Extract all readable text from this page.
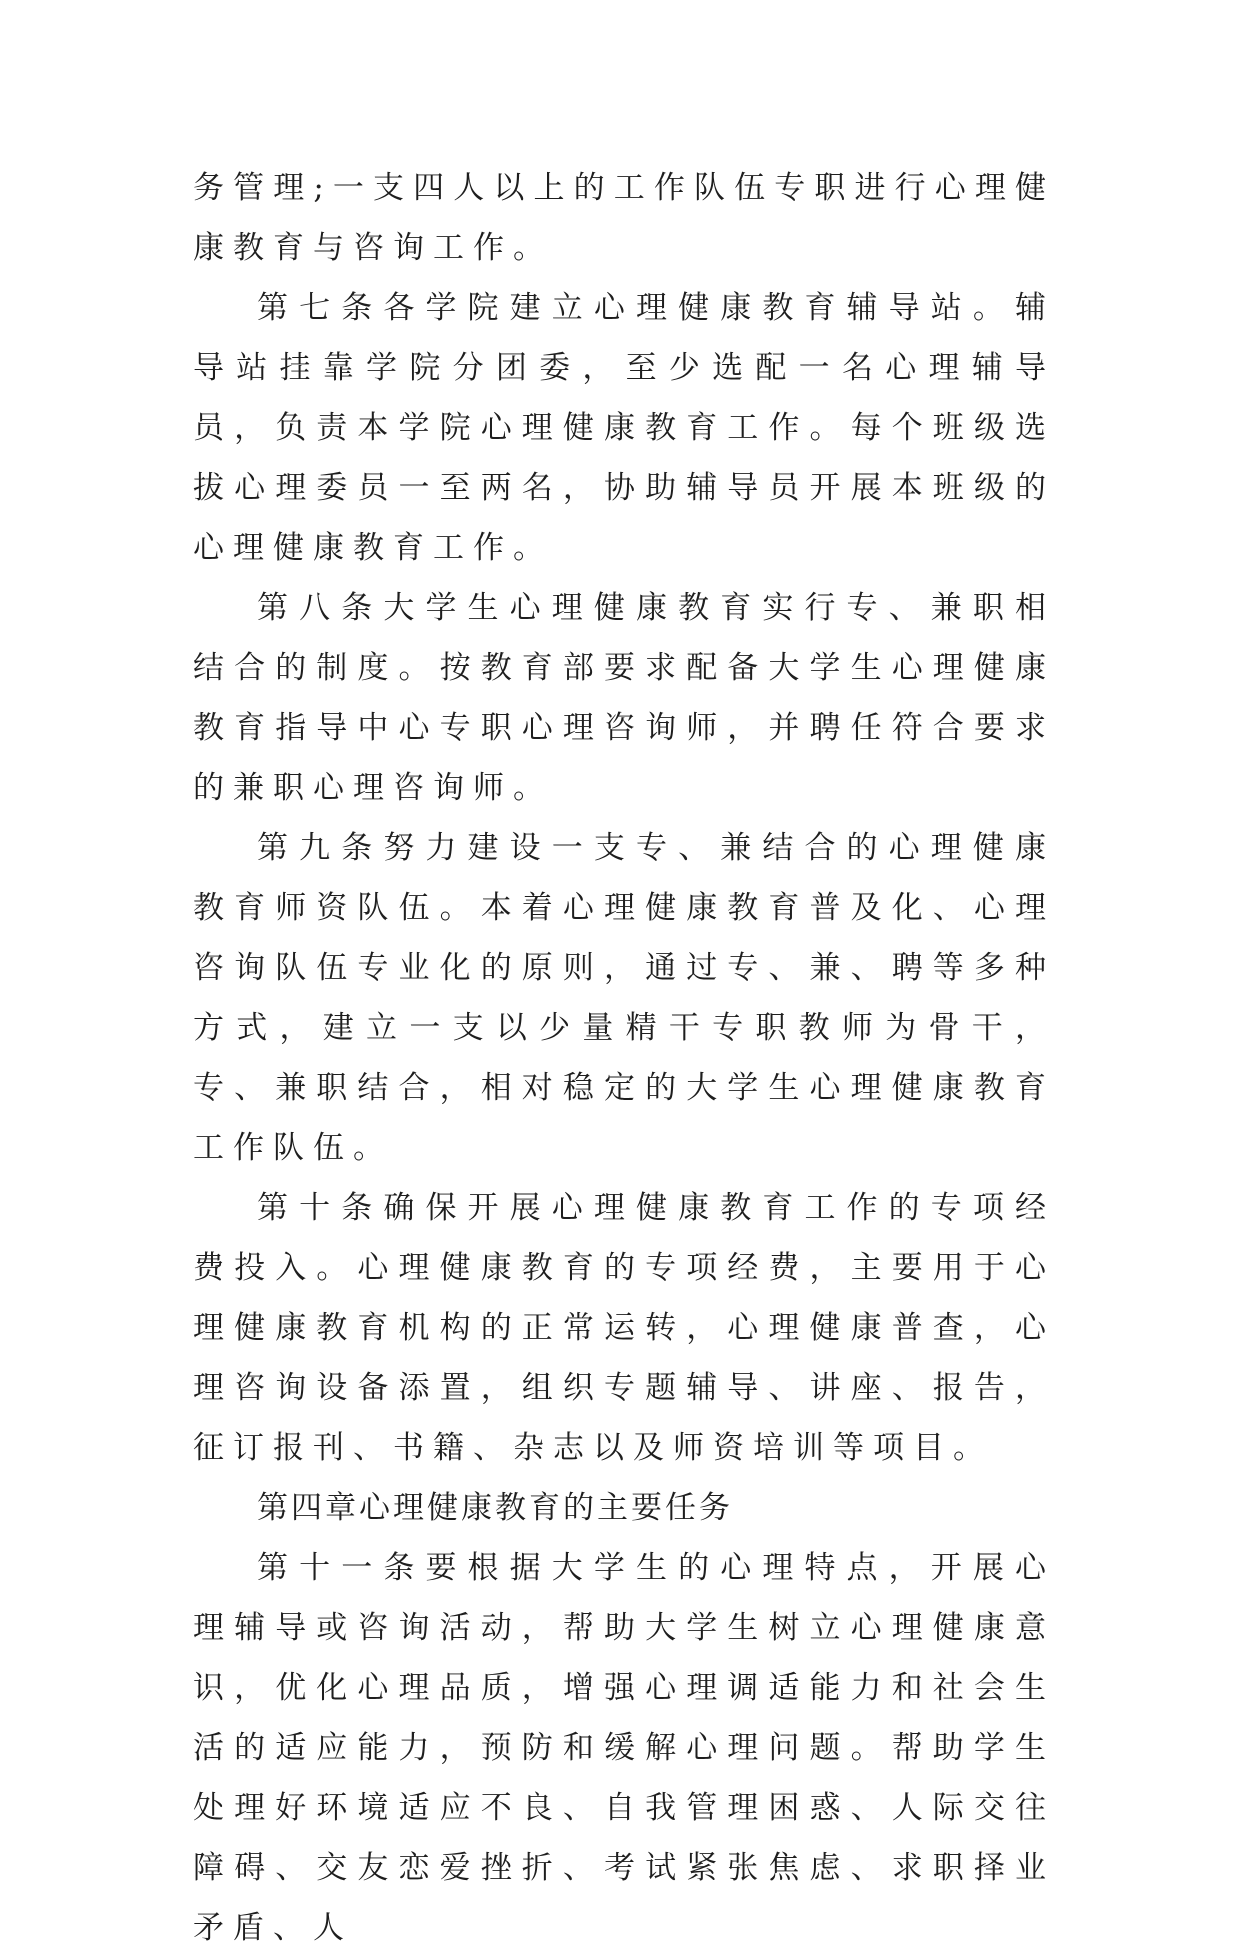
务管理;一支四人以上的工作队伍专职进行心理健康教育与咨询工作。

第七条各学院建立心理健康教育辅导站。辅导站挂靠学院分团委，至少选配一名心理辅导员，负责本学院心理健康教育工作。每个班级选拔心理委员一至两名，协助辅导员开展本班级的心理健康教育工作。

第八条大学生心理健康教育实行专、兼职相结合的制度。按教育部要求配备大学生心理健康教育指导中心专职心理咨询师，并聘任符合要求的兼职心理咨询师。

第九条努力建设一支专、兼结合的心理健康教育师资队伍。本着心理健康教育普及化、心理咨询队伍专业化的原则，通过专、兼、聘等多种方式，建立一支以少量精干专职教师为骨干，专、兼职结合，相对稳定的大学生心理健康教育工作队伍。

第十条确保开展心理健康教育工作的专项经费投入。心理健康教育的专项经费，主要用于心理健康教育机构的正常运转，心理健康普查，心理咨询设备添置，组织专题辅导、讲座、报告，征订报刊、书籍、杂志以及师资培训等项目。

第四章心理健康教育的主要任务

第十一条要根据大学生的心理特点，开展心理辅导或咨询活动，帮助大学生树立心理健康意识，优化心理品质，增强心理调适能力和社会生活的适应能力，预防和缓解心理问题。帮助学生处理好环境适应不良、自我管理困惑、人际交往障碍、交友恋爱挫折、考试紧张焦虑、求职择业矛盾、人
